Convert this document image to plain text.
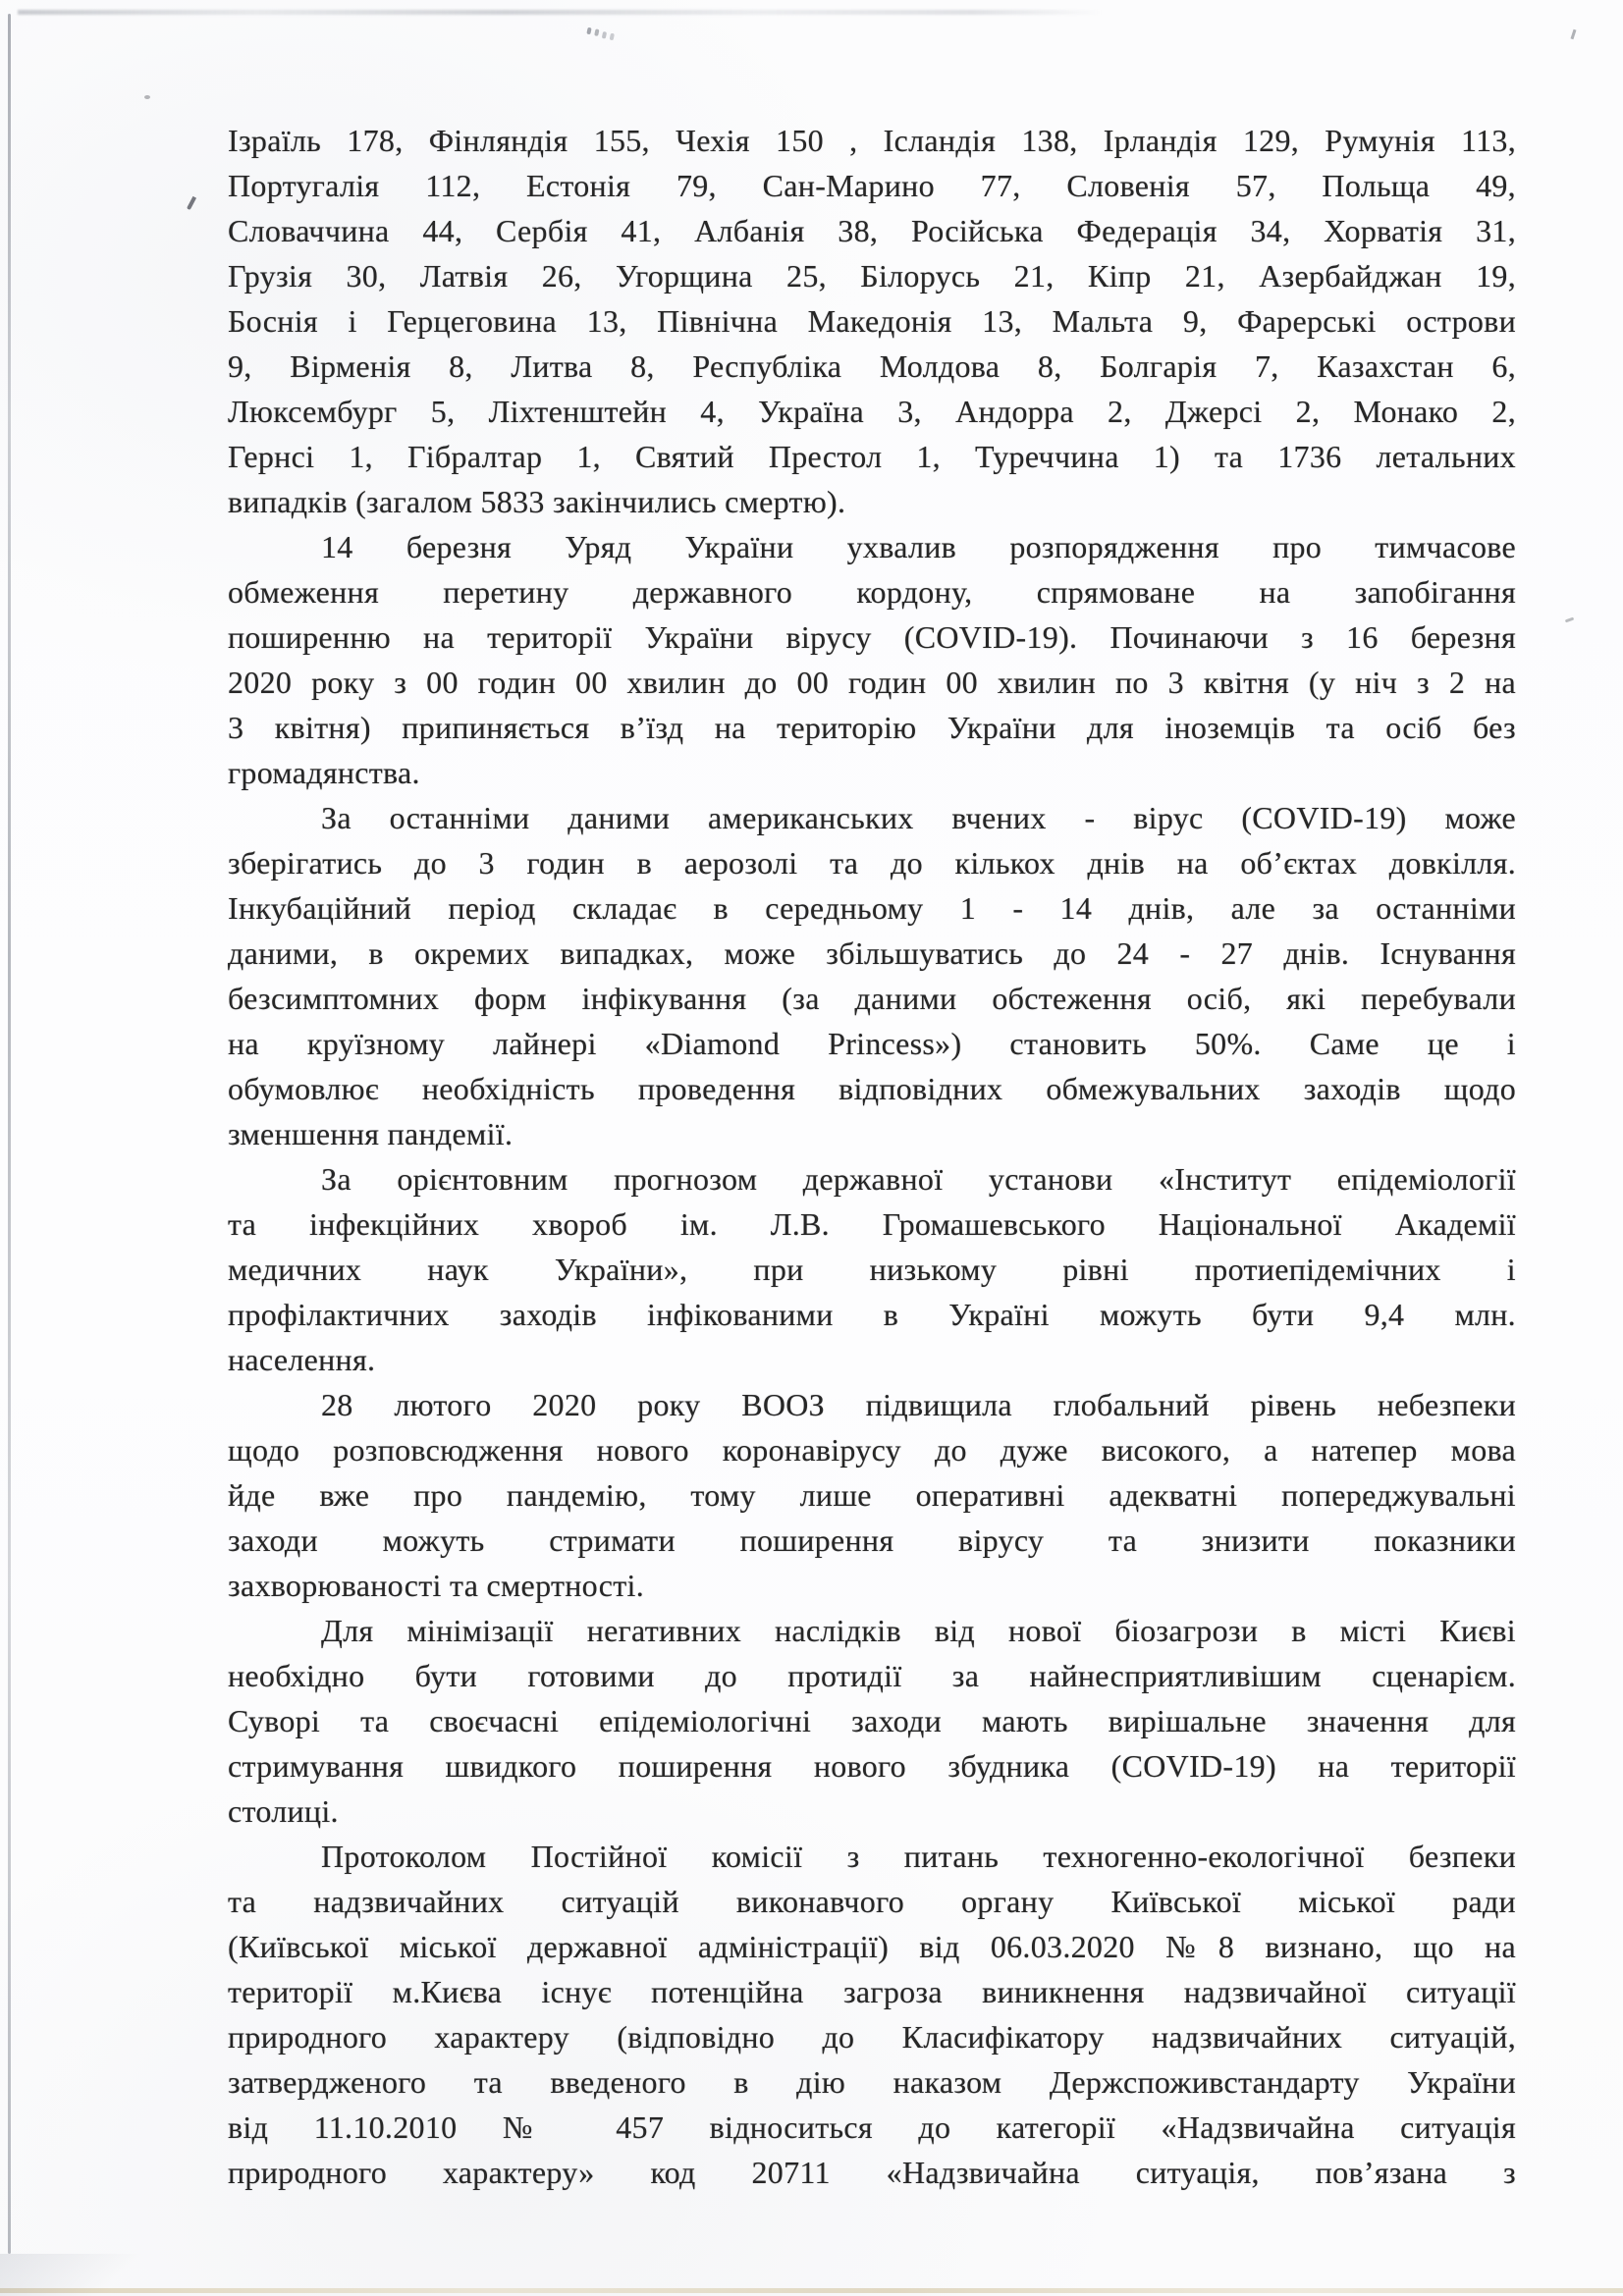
Ізраїль 178, Фінляндія 155, Чехія 150 , Ісландія 138, Ірландія 129, Румунія 113,
Португалія 112, Естонія 79, Сан-Марино 77, Словенія 57, Польща 49,
Словаччина 44, Сербія 41, Албанія 38, Російська Федерація 34, Хорватія 31,
Грузія 30, Латвія 26, Угорщина 25, Білорусь 21, Кіпр 21, Азербайджан 19,
Боснія і Герцеговина 13, Північна Македонія 13, Мальта 9, Фарерські острови
9, Вірменія 8, Литва 8, Республіка Молдова 8, Болгарія 7, Казахстан 6,
Люксембург 5, Ліхтенштейн 4, Україна 3, Андорра 2, Джерсі 2, Монако 2,
Гернсі 1, Гібралтар 1, Святий Престол 1, Туреччина 1) та 1736 летальних
випадків (загалом 5833 закінчились смертю).
14 березня Уряд України ухвалив розпорядження про тимчасове
обмеження перетину державного кордону, спрямоване на запобігання
поширенню на території України вірусу (COVID-19). Починаючи з 16 березня
2020 року з 00 годин 00 хвилин до 00 годин 00 хвилин по 3 квітня (у ніч з 2 на
3 квітня) припиняється в’їзд на територію України для іноземців та осіб без
громадянства.
За останніми даними американських вчених - вірус (COVID-19) може
зберігатись до 3 годин в аерозолі та до кількох днів на об’єктах довкілля.
Інкубаційний період складає в середньому 1 - 14 днів, але за останніми
даними, в окремих випадках, може збільшуватись до 24 - 27 днів. Існування
безсимптомних форм інфікування (за даними обстеження осіб, які перебували
на круїзному лайнері «Diamond Princess») становить 50%. Саме це і
обумовлює необхідність проведення відповідних обмежувальних заходів щодо
зменшення пандемії.
За орієнтовним прогнозом державної установи «Інститут епідеміології
та інфекційних хвороб ім. Л.В. Громашевського Національної Академії
медичних наук України», при низькому рівні протиепідемічних і
профілактичних заходів інфікованими в Україні можуть бути 9,4 млн.
населення.
28 лютого 2020 року ВООЗ підвищила глобальний рівень небезпеки
щодо розповсюдження нового коронавірусу до дуже високого, а натепер мова
йде вже про пандемію, тому лише оперативні адекватні попереджувальні
заходи можуть стримати поширення вірусу та знизити показники
захворюваності та смертності.
Для мінімізації негативних наслідків від нової біозагрози в місті Києві
необхідно бути готовими до протидії за найнесприятливішим сценарієм.
Суворі та своєчасні епідеміологічні заходи мають вирішальне значення для
стримування швидкого поширення нового збудника (COVID-19) на території
столиці.
Протоколом Постійної комісії з питань техногенно-екологічної безпеки
та надзвичайних ситуацій виконавчого органу Київської міської ради
(Київської міської державної адміністрації) від 06.03.2020 №8 визнано, що на
території м.Києва існує потенційна загроза виникнення надзвичайної ситуації
природного характеру (відповідно до Класифікатору надзвичайних ситуацій,
затвердженого та введеного в дію наказом Держспоживстандарту України
від 11.10.2010 № 457 відноситься до категорії «Надзвичайна ситуація
природного характеру» код 20711 «Надзвичайна ситуація, пов’язана з
